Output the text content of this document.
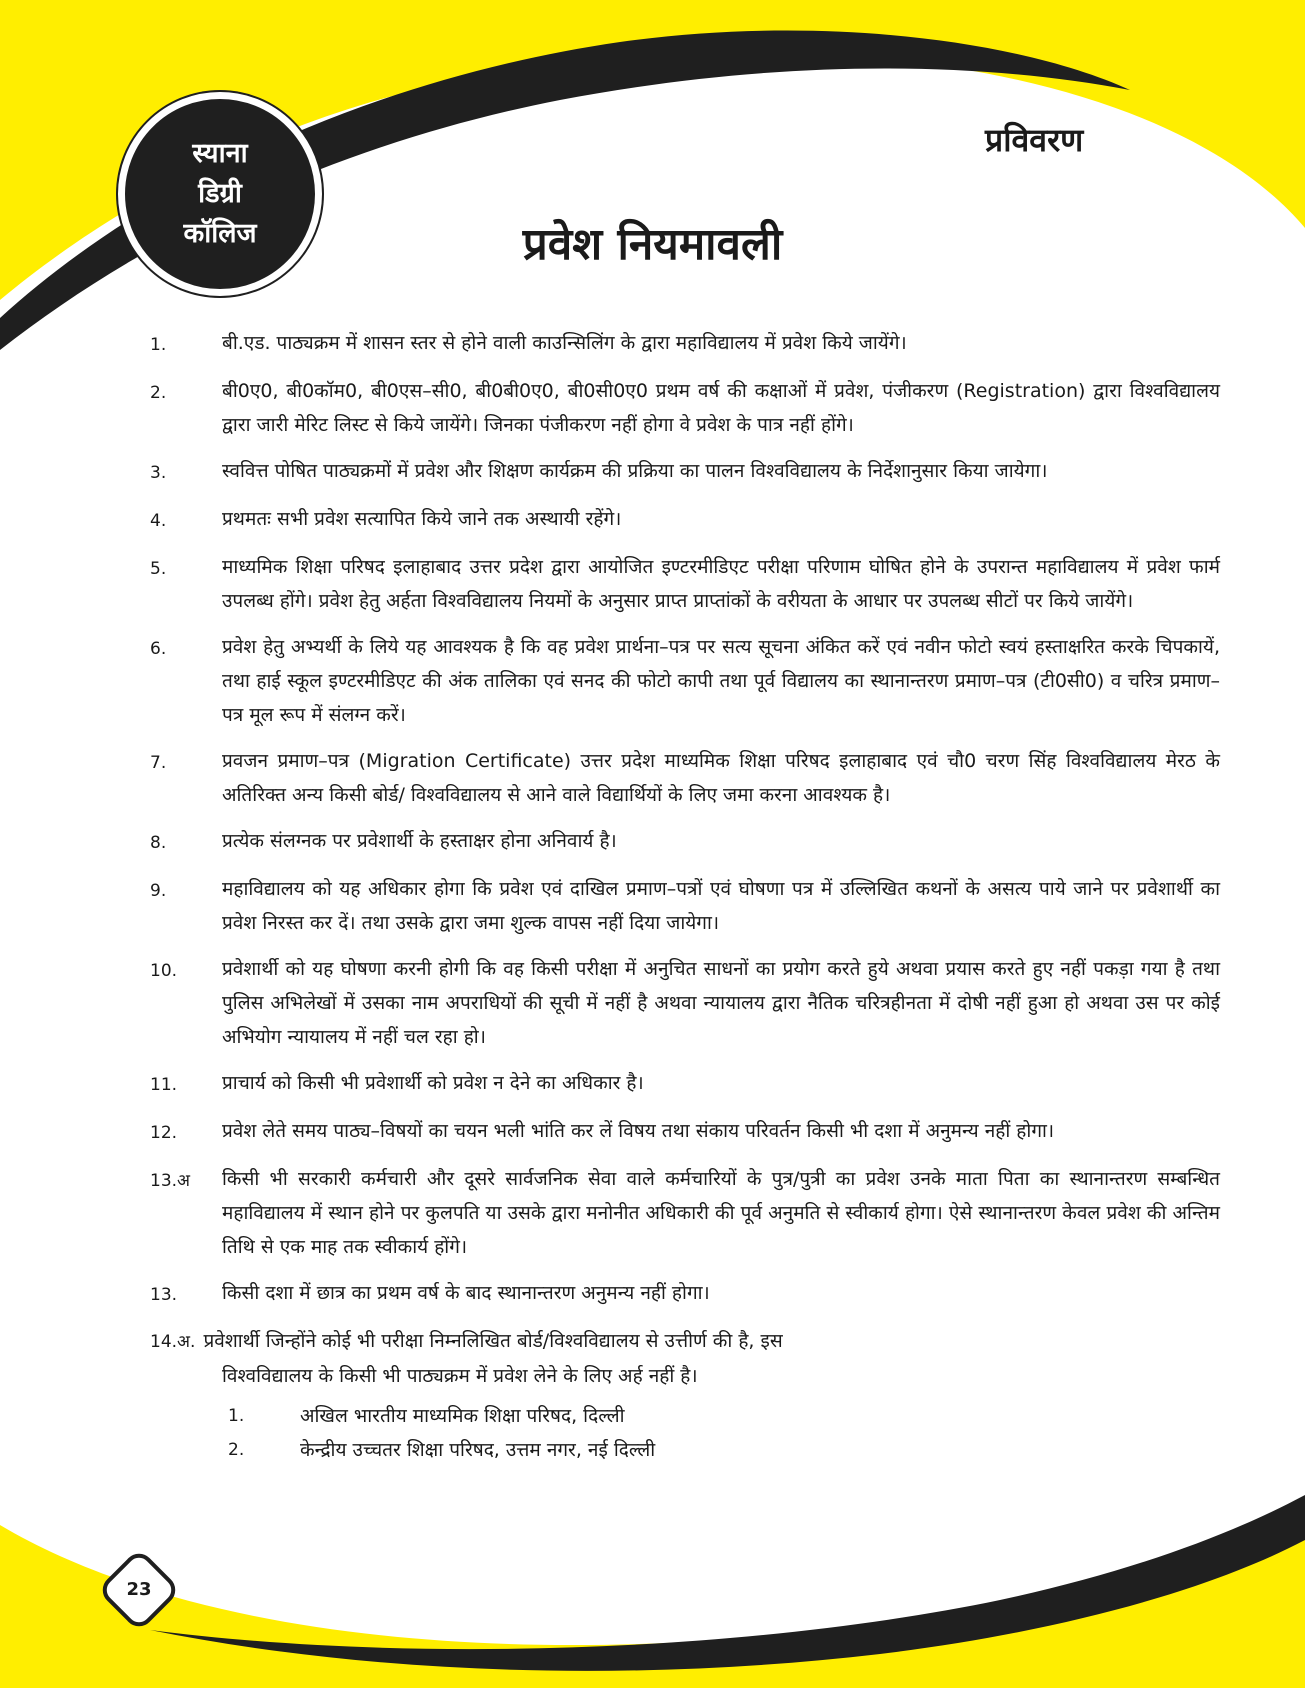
स्याना
डिग्री
कॉलिज
प्रविवरण
प्रवेश नियमावली
1.	बी.एड. पाठ्यक्रम में शासन स्तर से होने वाली काउन्सिलिंग के द्वारा महाविद्यालय में प्रवेश किये जायेंगे।
2.	बी0ए0, बी0कॉम0, बी0एस–सी0, बी0बी0ए0, बी0सी0ए0 प्रथम वर्ष की कक्षाओं में प्रवेश, पंजीकरण (Registration) द्वारा विश्वविद्यालय द्वारा जारी मेरिट लिस्ट से किये जायेंगे। जिनका पंजीकरण नहीं होगा वे प्रवेश के पात्र नहीं होंगे।
3.	स्ववित्त पोषित पाठ्यक्रमों में प्रवेश और शिक्षण कार्यक्रम की प्रक्रिया का पालन विश्वविद्यालय के निर्देशानुसार किया जायेगा।
4.	प्रथमतः सभी प्रवेश सत्यापित किये जाने तक अस्थायी रहेंगे।
5.	माध्यमिक शिक्षा परिषद इलाहाबाद उत्तर प्रदेश द्वारा आयोजित इण्टरमीडिएट परीक्षा परिणाम घोषित होने के उपरान्त महाविद्यालय में प्रवेश फार्म उपलब्ध होंगे। प्रवेश हेतु अर्हता विश्वविद्यालय नियमों के अनुसार प्राप्त प्राप्तांकों के वरीयता के आधार पर उपलब्ध सीटों पर किये जायेंगे।
6.	प्रवेश हेतु अभ्यर्थी के लिये यह आवश्यक है कि वह प्रवेश प्रार्थना–पत्र पर सत्य सूचना अंकित करें एवं नवीन फोटो स्वयं हस्ताक्षरित करके चिपकायें, तथा हाई स्कूल इण्टरमीडिएट की अंक तालिका एवं सनद की फोटो कापी तथा पूर्व विद्यालय का स्थानान्तरण प्रमाण–पत्र (टी0सी0) व चरित्र प्रमाण–पत्र मूल रूप में संलग्न करें।
7.	प्रवजन प्रमाण–पत्र (Migration Certificate) उत्तर प्रदेश माध्यमिक शिक्षा परिषद इलाहाबाद एवं चौ0 चरण सिंह विश्वविद्यालय मेरठ के अतिरिक्त अन्य किसी बोर्ड/ विश्वविद्यालय से आने वाले विद्यार्थियों के लिए जमा करना आवश्यक है।
8.	प्रत्येक संलग्नक पर प्रवेशार्थी के हस्ताक्षर होना अनिवार्य है।
9.	महाविद्यालय को यह अधिकार होगा कि प्रवेश एवं दाखिल प्रमाण–पत्रों एवं घोषणा पत्र में उल्लिखित कथनों के असत्य पाये जाने पर प्रवेशार्थी का प्रवेश निरस्त कर दें। तथा उसके द्वारा जमा शुल्क वापस नहीं दिया जायेगा।
10.	प्रवेशार्थी को यह घोषणा करनी होगी कि वह किसी परीक्षा में अनुचित साधनों का प्रयोग करते हुये अथवा प्रयास करते हुए नहीं पकड़ा गया है तथा पुलिस अभिलेखों में उसका नाम अपराधियों की सूची में नहीं है अथवा न्यायालय द्वारा नैतिक चरित्रहीनता में दोषी नहीं हुआ हो अथवा उस पर कोई अभियोग न्यायालय में नहीं चल रहा हो।
11.	प्राचार्य को किसी भी प्रवेशार्थी को प्रवेश न देने का अधिकार है।
12.	प्रवेश लेते समय पाठ्य–विषयों का चयन भली भांति कर लें विषय तथा संकाय परिवर्तन किसी भी दशा में अनुमन्य नहीं होगा।
13.अ	किसी भी सरकारी कर्मचारी और दूसरे सार्वजनिक सेवा वाले कर्मचारियों के पुत्र/पुत्री का प्रवेश उनके माता पिता का स्थानान्तरण सम्बन्धित महाविद्यालय में स्थान होने पर कुलपति या उसके द्वारा मनोनीत अधिकारी की पूर्व अनुमति से स्वीकार्य होगा। ऐसे स्थानान्तरण केवल प्रवेश की अन्तिम तिथि से एक माह तक स्वीकार्य होंगे।
13.	किसी दशा में छात्र का प्रथम वर्ष के बाद स्थानान्तरण अनुमन्य नहीं होगा।
14.अ. प्रवेशार्थी जिन्होंने कोई भी परीक्षा निम्नलिखित बोर्ड/विश्वविद्यालय से उत्तीर्ण की है, इस
विश्वविद्यालय के किसी भी पाठ्यक्रम में प्रवेश लेने के लिए अर्ह नहीं है।
1.	अखिल भारतीय माध्यमिक शिक्षा परिषद, दिल्ली
2.	केन्द्रीय उच्चतर शिक्षा परिषद, उत्तम नगर, नई दिल्ली
23
